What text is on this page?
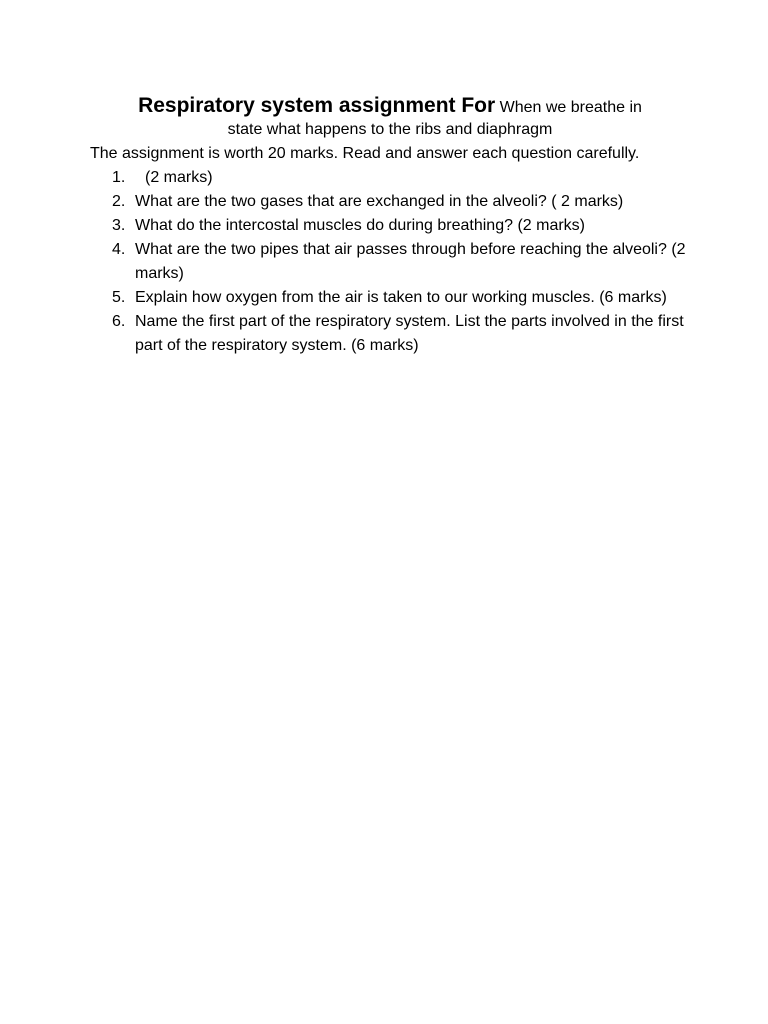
Respiratory system assignment For When we breathe in
state what happens to the ribs and diaphragm

The assignment is worth 20 marks. Read and answer each question carefully.

1. (2 marks)
2. What are the two gases that are exchanged in the alveoli? ( 2 marks)
3. What do the intercostal muscles do during breathing? (2 marks)
4. What are the two pipes that air passes through before reaching the alveoli? (2 marks)
5. Explain how oxygen from the air is taken to our working muscles. (6 marks)
6. Name the first part of the respiratory system. List the parts involved in the first part of the respiratory system. (6 marks)
